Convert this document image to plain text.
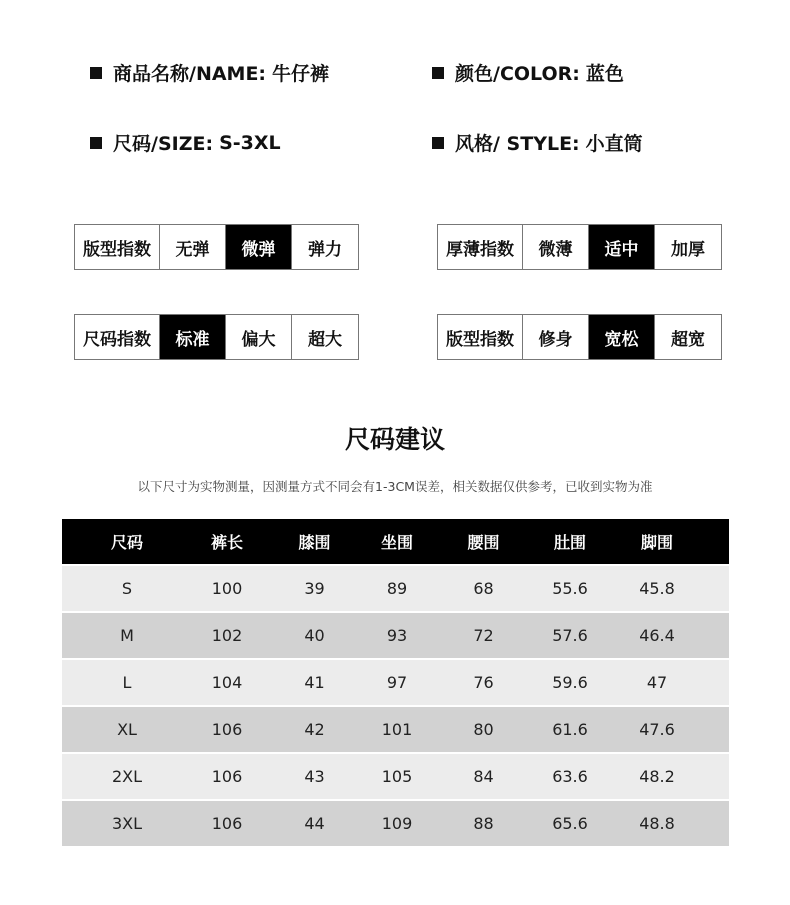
商品名称/NAME: 牛仔裤	颜色/COLOR: 蓝色
尺码/SIZE: S-3XL	风格/ STYLE: 小直筒
版型指数	无弹	微弹	弹力	厚薄指数	微薄	适中	加厚
尺码指数	标准	偏大	超大	版型指数	修身	宽松	超宽
尺码建议
以下尺寸为实物测量，因测量方式不同会有1-3CM误差，相关数据仅供参考，已收到实物为准
尺码	裤长	膝围	坐围	腰围	肚围	脚围
S	100	39	89	68	55.6	45.8
M	102	40	93	72	57.6	46.4
L	104	41	97	76	59.6	47
XL	106	42	101	80	61.6	47.6
2XL	106	43	105	84	63.6	48.2
3XL	106	44	109	88	65.6	48.8
